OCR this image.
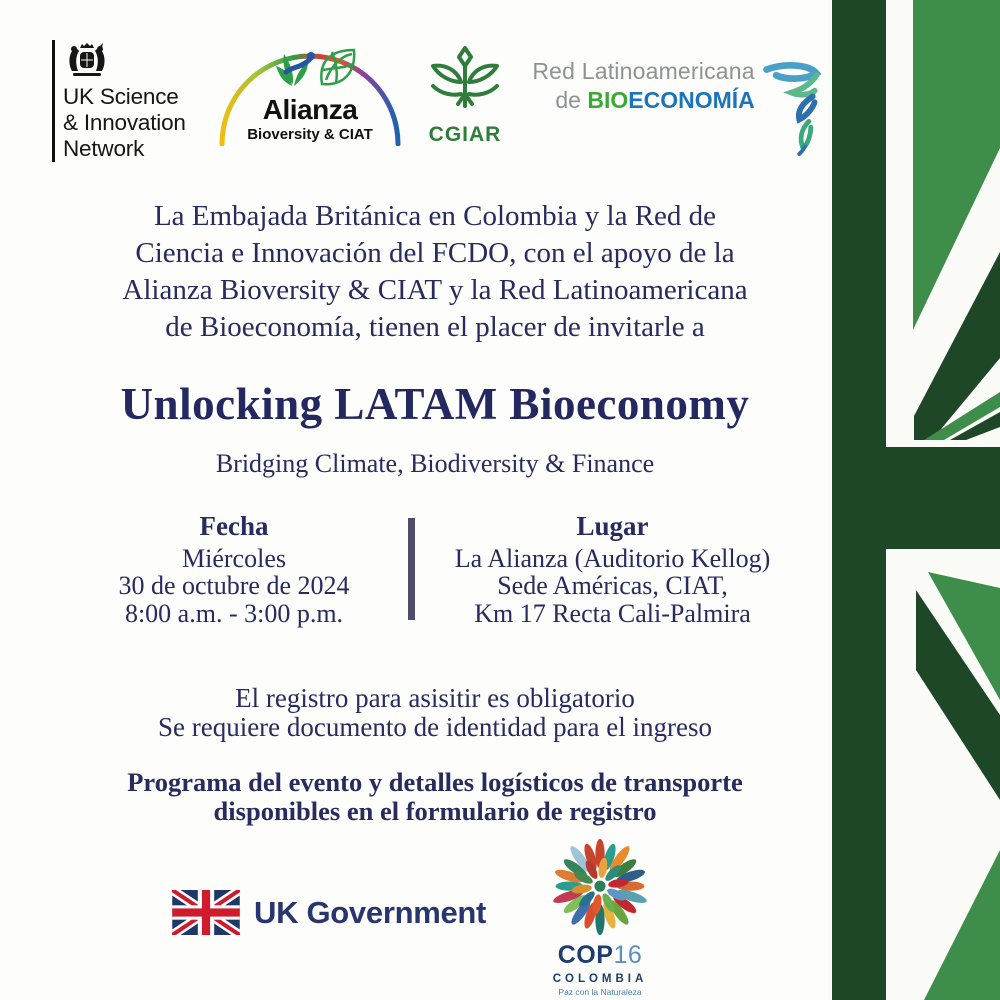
UK Science
& Innovation
Network
Alianza
Bioversity & CIAT	CGIAR
Red Latinoamericana
de BIOECONOMÍA
La Embajada Británica en Colombia y la Red de
Ciencia e Innovación del FCDO, con el apoyo de la
Alianza Bioversity & CIAT y la Red Latinoamericana
de Bioeconomía, tienen el placer de invitarle a
Unlocking LATAM Bioeconomy
Bridging Climate, Biodiversity & Finance
Fecha
Miércoles
30 de octubre de 2024
8:00 a.m. - 3:00 p.m.
Lugar
La Alianza (Auditorio Kellog)
Sede Américas, CIAT,
Km 17 Recta Cali-Palmira
El registro para asisitir es obligatorio
Se requiere documento de identidad para el ingreso
Programa del evento y detalles logísticos de transporte
disponibles en el formulario de registro
UK Government
COP16
COLOMBIA
Paz con la Naturaleza
